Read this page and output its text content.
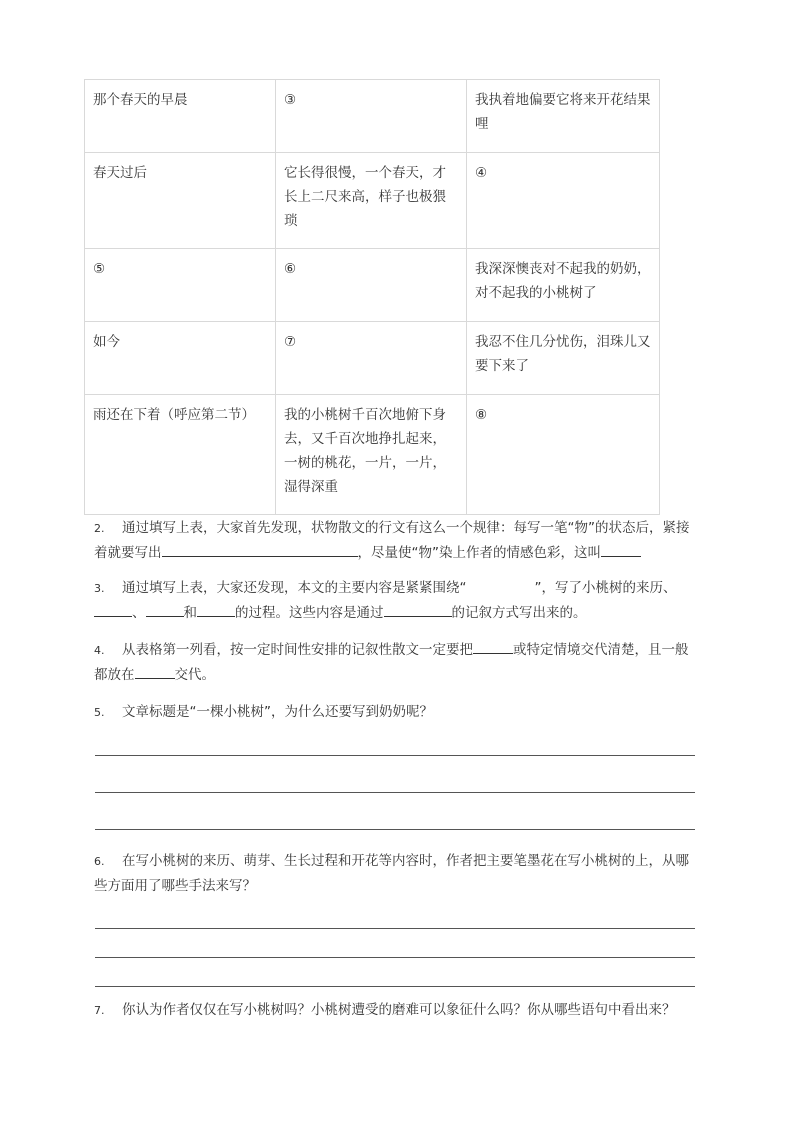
那个春天的早晨	③	我执着地偏要它将来开花结果哩
春天过后	它长得很慢，一个春天，才长上二尺来高，样子也极猥琐	④
⑤	⑥	我深深懊丧对不起我的奶奶，对不起我的小桃树了
如今	⑦	我忍不住几分忧伤，泪珠儿又要下来了
雨还在下着（呼应第二节）	我的小桃树千百次地俯下身去，又千百次地挣扎起来，一树的桃花，一片，一片，湿得深重	⑧
2. 通过填写上表，大家首先发现，状物散文的行文有这么一个规律：每写一笔“物”的状态后，紧接着就要写出	，尽量使“物”染上作者的情感色彩，这叫
3. 通过填写上表，大家还发现，本文的主要内容是紧紧围绕“	”，写了小桃树的来历、、	和	的过程。这些内容是通过	的记叙方式写出来的。
4. 从表格第一列看，按一定时间性安排的记叙性散文一定要把	或特定情境交代清楚，且一般都放在	交代。
5. 文章标题是“一棵小桃树”，为什么还要写到奶奶呢？
6. 在写小桃树的来历、萌芽、生长过程和开花等内容时，作者把主要笔墨花在写小桃树的上，从哪些方面用了哪些手法来写？
7. 你认为作者仅仅在写小桃树吗？小桃树遭受的磨难可以象征什么吗？你从哪些语句中看出来？
